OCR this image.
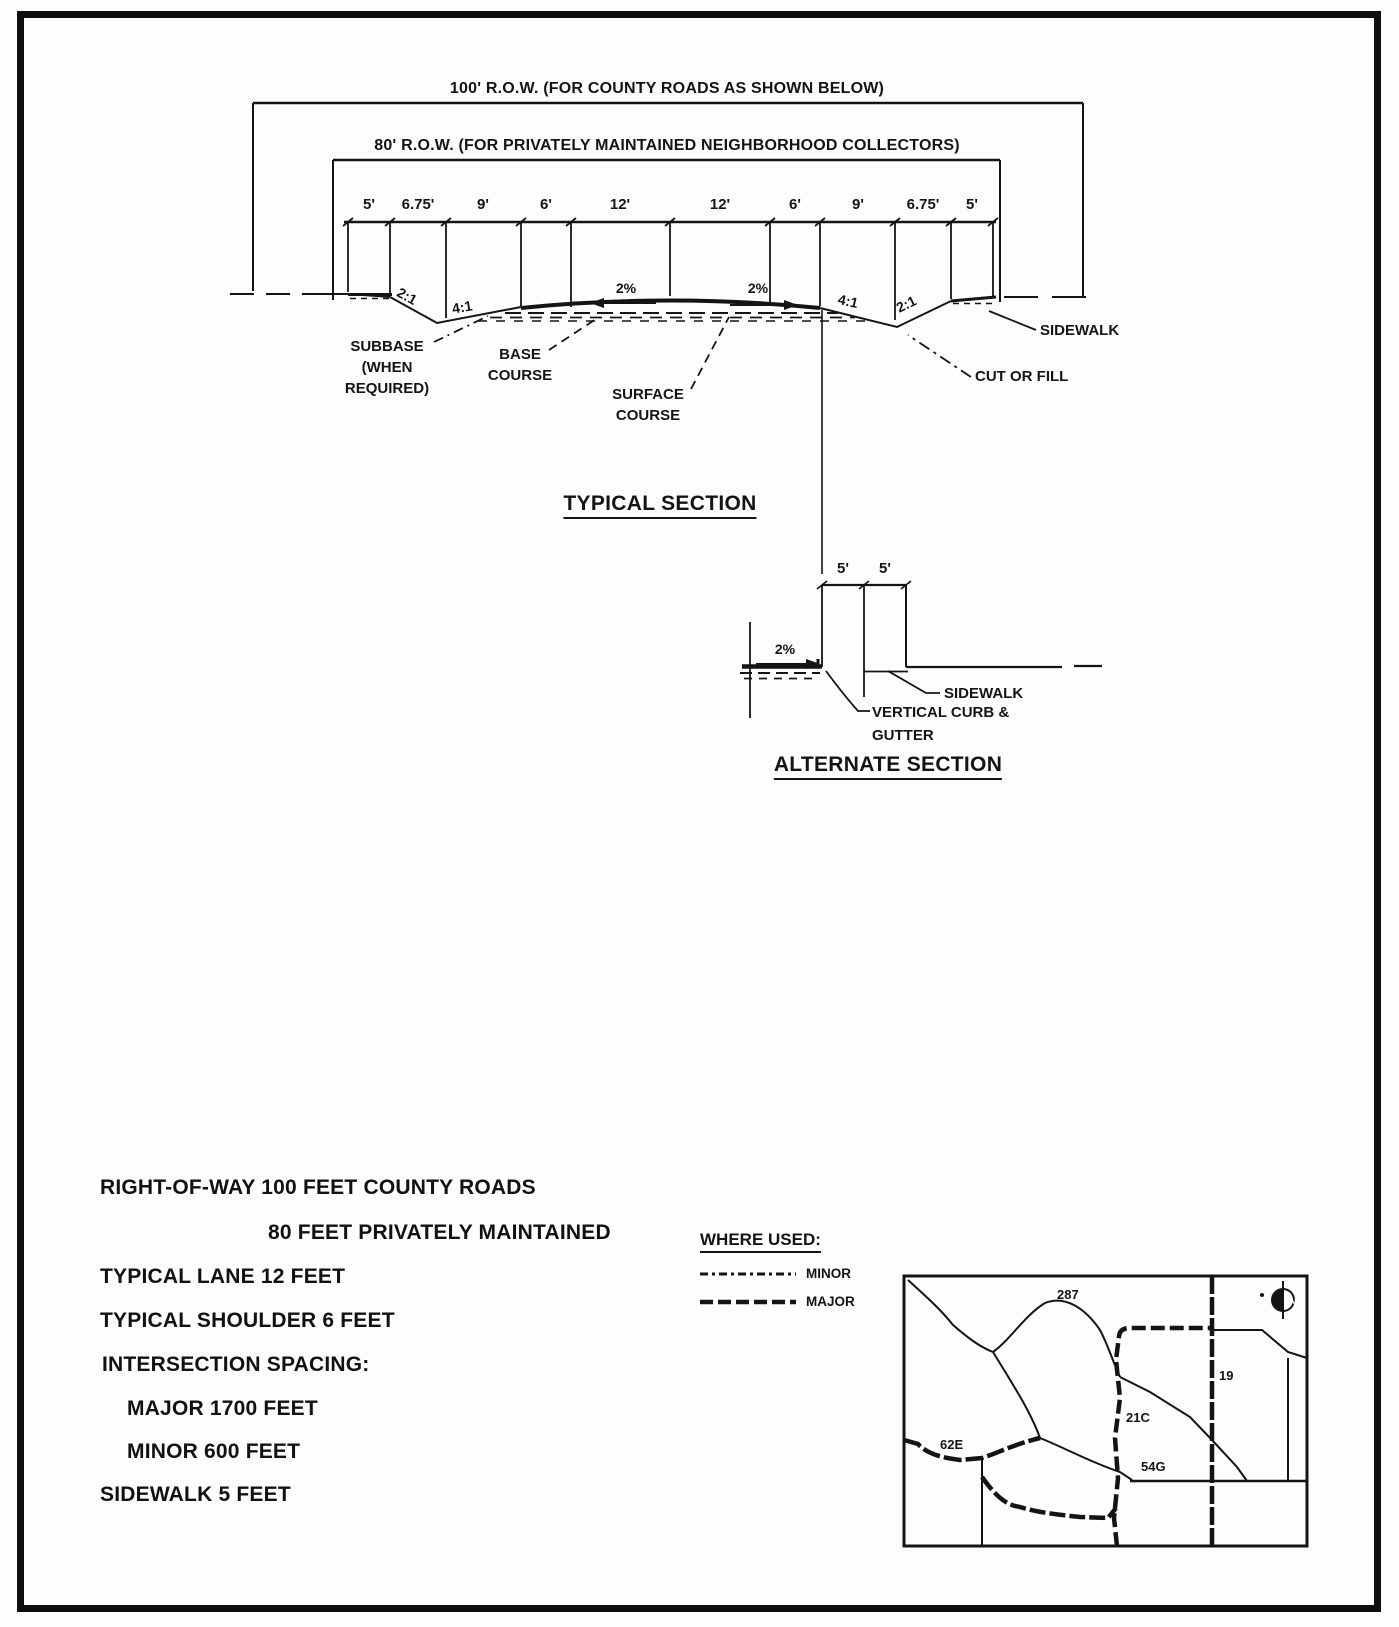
100' R.O.W. (FOR COUNTY ROADS AS SHOWN BELOW)
80' R.O.W. (FOR PRIVATELY MAINTAINED NEIGHBORHOOD COLLECTORS)
5' 6.75'	9'	6'	12'	12'	6'	9'	6.75' 5'
2:1 4:1
2%	2%
4:1 2:1
SUBBASE (WHEN REQUIRED)
BASE COURSE
SURFACE COURSE
CUT OR FILL
SIDEWALK
TYPICAL SECTION
5' 5'
2%
SIDEWALK
VERTICAL CURB & GUTTER
ALTERNATE SECTION
RIGHT-OF-WAY 100 FEET COUNTY ROADS
80 FEET PRIVATELY MAINTAINED
TYPICAL LANE 12 FEET
TYPICAL SHOULDER 6 FEET
INTERSECTION SPACING:
MAJOR 1700 FEET
MINOR 600 FEET
SIDEWALK 5 FEET
WHERE USED:
MINOR
MAJOR	287
19
21C
54G
62E
N
